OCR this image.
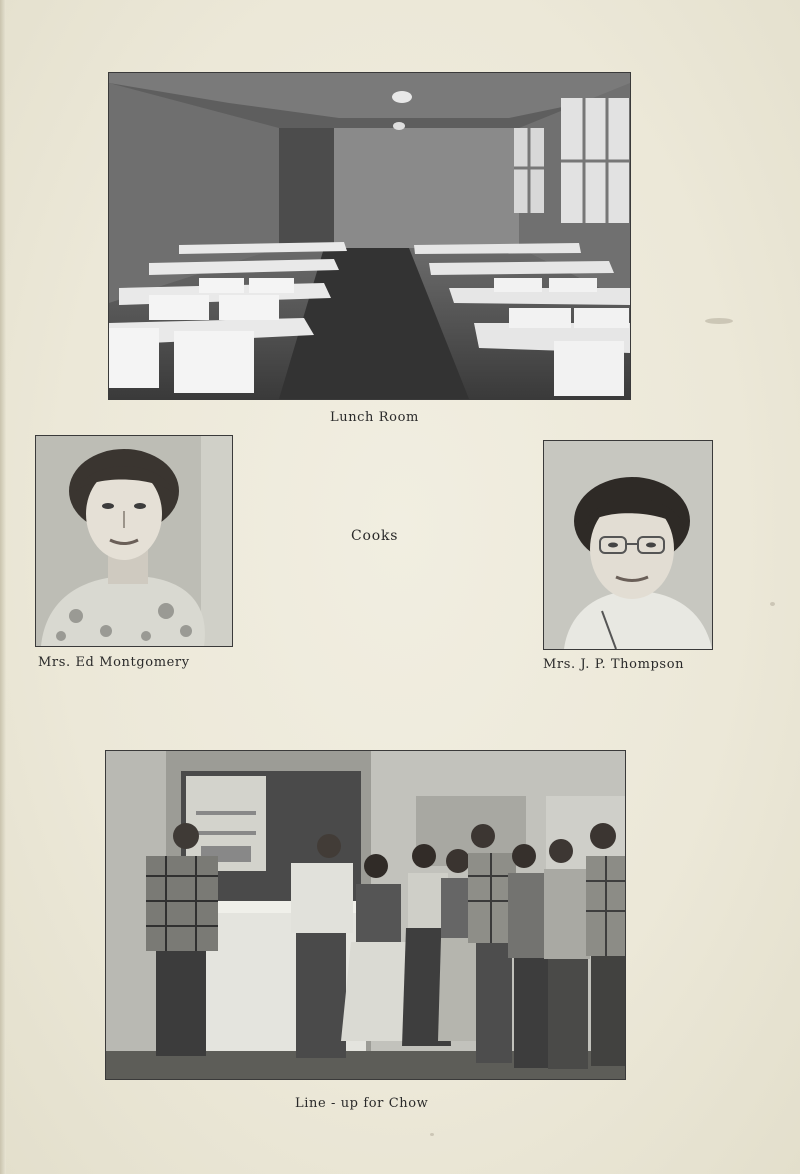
Lunch Room
Cooks
Mrs. Ed Montgomery	Mrs. J. P. Thompson
Line - up for Chow
